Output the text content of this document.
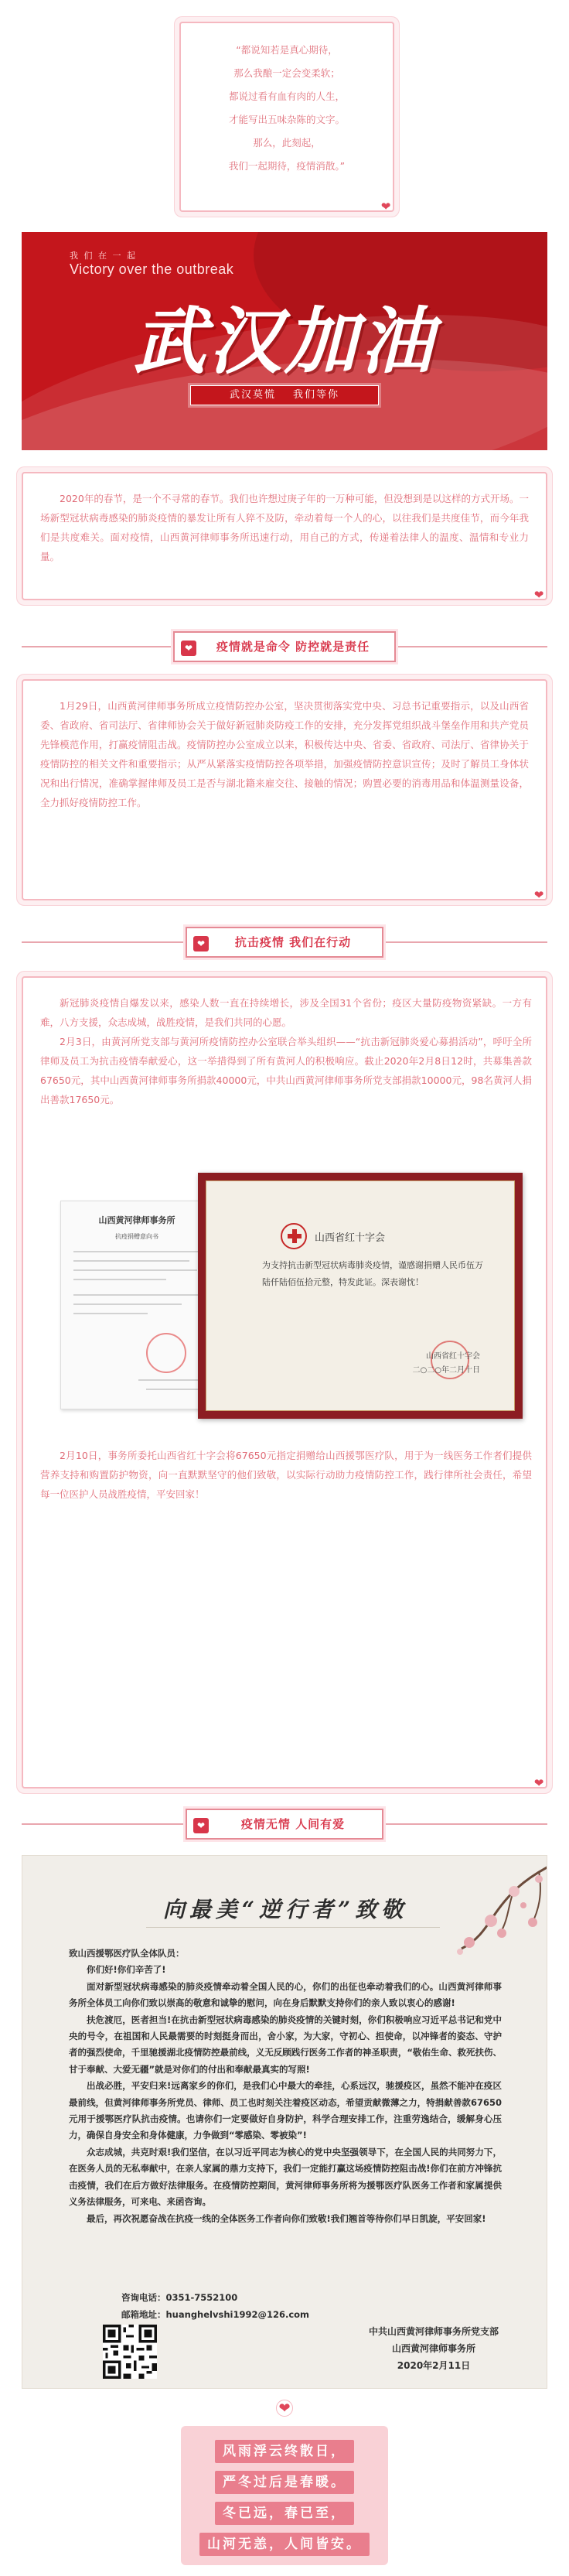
“都说知若是真心期待，

那么我酿一定会变柔软；

都说过看有血有肉的人生，

才能写出五味杂陈的文字。

那么，此刻起，

我们一起期待，疫情消散。”

❤
我 们 在 一 起
Victory over the outbreak
武汉加油
武汉莫慌 我们等你

2020年的春节，是一个不寻常的春节。我们也许想过庚子年的一万种可能，但没想到是以这样的方式开场。一场新型冠状病毒感染的肺炎疫情的暴发让所有人猝不及防，牵动着每一个人的心，以往我们是共度佳节，而今年我们是共度难关。面对疫情，山西黄河律师事务所迅速行动，用自己的方式，传递着法律人的温度、温情和专业力量。

❤
❤	疫情就是命令 防控就是责任

1月29日，山西黄河律师事务所成立疫情防控办公室，坚决贯彻落实党中央、习总书记重要指示，以及山西省委、省政府、省司法厅、省律师协会关于做好新冠肺炎防疫工作的安排，充分发挥党组织战斗堡垒作用和共产党员先锋模范作用，打赢疫情阻击战。疫情防控办公室成立以来，积极传达中央、省委、省政府、司法厅、省律协关于疫情防控的相关文件和重要指示；从严从紧落实疫情防控各项举措，加强疫情防控意识宣传；及时了解员工身体状况和出行情况，准确掌握律师及员工是否与湖北籍来雇交往、接触的情况；购置必要的消毒用品和体温测量设备，全力抓好疫情防控工作。

❤
❤	抗击疫情 我们在行动

新冠肺炎疫情自爆发以来，感染人数一直在持续增长，涉及全国31个省份；疫区大量防疫物资紧缺。一方有难，八方支援，众志成城，战胜疫情，是我们共同的心愿。

2月3日，由黄河所党支部与黄河所疫情防控办公室联合举头组织——“抗击新冠肺炎爱心募捐活动”，呼吁全所律师及员工为抗击疫情奉献爱心，这一举措得到了所有黄河人的积极响应。截止2020年2月8日12时，共募集善款67650元，其中山西黄河律师事务所捐款40000元，中共山西黄河律师事务所党支部捐款10000元，98名黄河人捐出善款17650元。

山西黄河律师事务所
抗疫捐赠意向书	山西省红十字会
为支持抗击新型冠状病毒肺炎疫情，谨感谢捐赠人民币伍万陆仟陆佰伍拾元整，特发此证。深表谢忱！
山西省红十字会
二○二○年二月十日

2月10日，事务所委托山西省红十字会将67650元指定捐赠给山西援鄂医疗队，用于为一线医务工作者们提供营养支持和购置防护物资，向一直默默坚守的他们致敬，以实际行动助力疫情防控工作，践行律所社会责任，希望每一位医护人员战胜疫情，平安回家！

❤
❤	疫情无情 人间有爱
向最美“逆行者”致敬

致山西援鄂医疗队全体队员：

你们好!你们辛苦了!

面对新型冠状病毒感染的肺炎疫情牵动着全国人民的心，你们的出征也牵动着我们的心。山西黄河律师事务所全体员工向你们致以崇高的敬意和诚挚的慰问，向在身后默默支持你们的亲人致以衷心的感谢!

扶危渡厄，医者担当!在抗击新型冠状病毒感染的肺炎疫情的关键时刻，你们积极响应习近平总书记和党中央的号令，在祖国和人民最需要的时刻挺身而出，舍小家，为大家，守初心、担使命，以冲锋者的姿态、守护者的强烈使命，千里驰援湖北疫情防控最前线，义无反顾践行医务工作者的神圣职责，“敬佑生命、救死扶伤、甘于奉献、大爱无疆”就是对你们的付出和奉献最真实的写照!

出战必胜，平安归来!远离家乡的你们，是我们心中最大的牵挂，心系远汉，驰援疫区，虽然不能冲在疫区最前线，但黄河律师事务所党员、律师、员工也时刻关注着疫区动态，希望贡献微薄之力，特捐献善款67650元用于援鄂医疗队抗击疫情。也请你们一定要做好自身防护，科学合理安排工作，注重劳逸结合，缓解身心压力，确保自身安全和身体健康，力争做到“零感染、零被染”!

众志成城，共克时艰!我们坚信，在以习近平同志为核心的党中央坚强领导下，在全国人民的共同努力下，在医务人员的无私奉献中，在亲人家属的鼎力支持下，我们一定能打赢这场疫情防控阻击战!你们在前方冲锋抗击疫情，我们在后方做好法律服务。在疫情防控期间，黄河律师事务所将为援鄂医疗队医务工作者和家属提供义务法律服务，可来电、来函咨询。

最后，再次祝愿奋战在抗疫一线的全体医务工作者向你们致敬!我们翘首等待你们早日凯旋，平安回家!

咨询电话：0351-7552100
邮箱地址：huanghelvshi1992@126.com
中共山西黄河律师事务所党支部
山西黄河律师事务所
2020年2月11日
❤
风雨浮云终散日，
严冬过后是春暖。
冬已远，春已至，
山河无恙，人间皆安。
